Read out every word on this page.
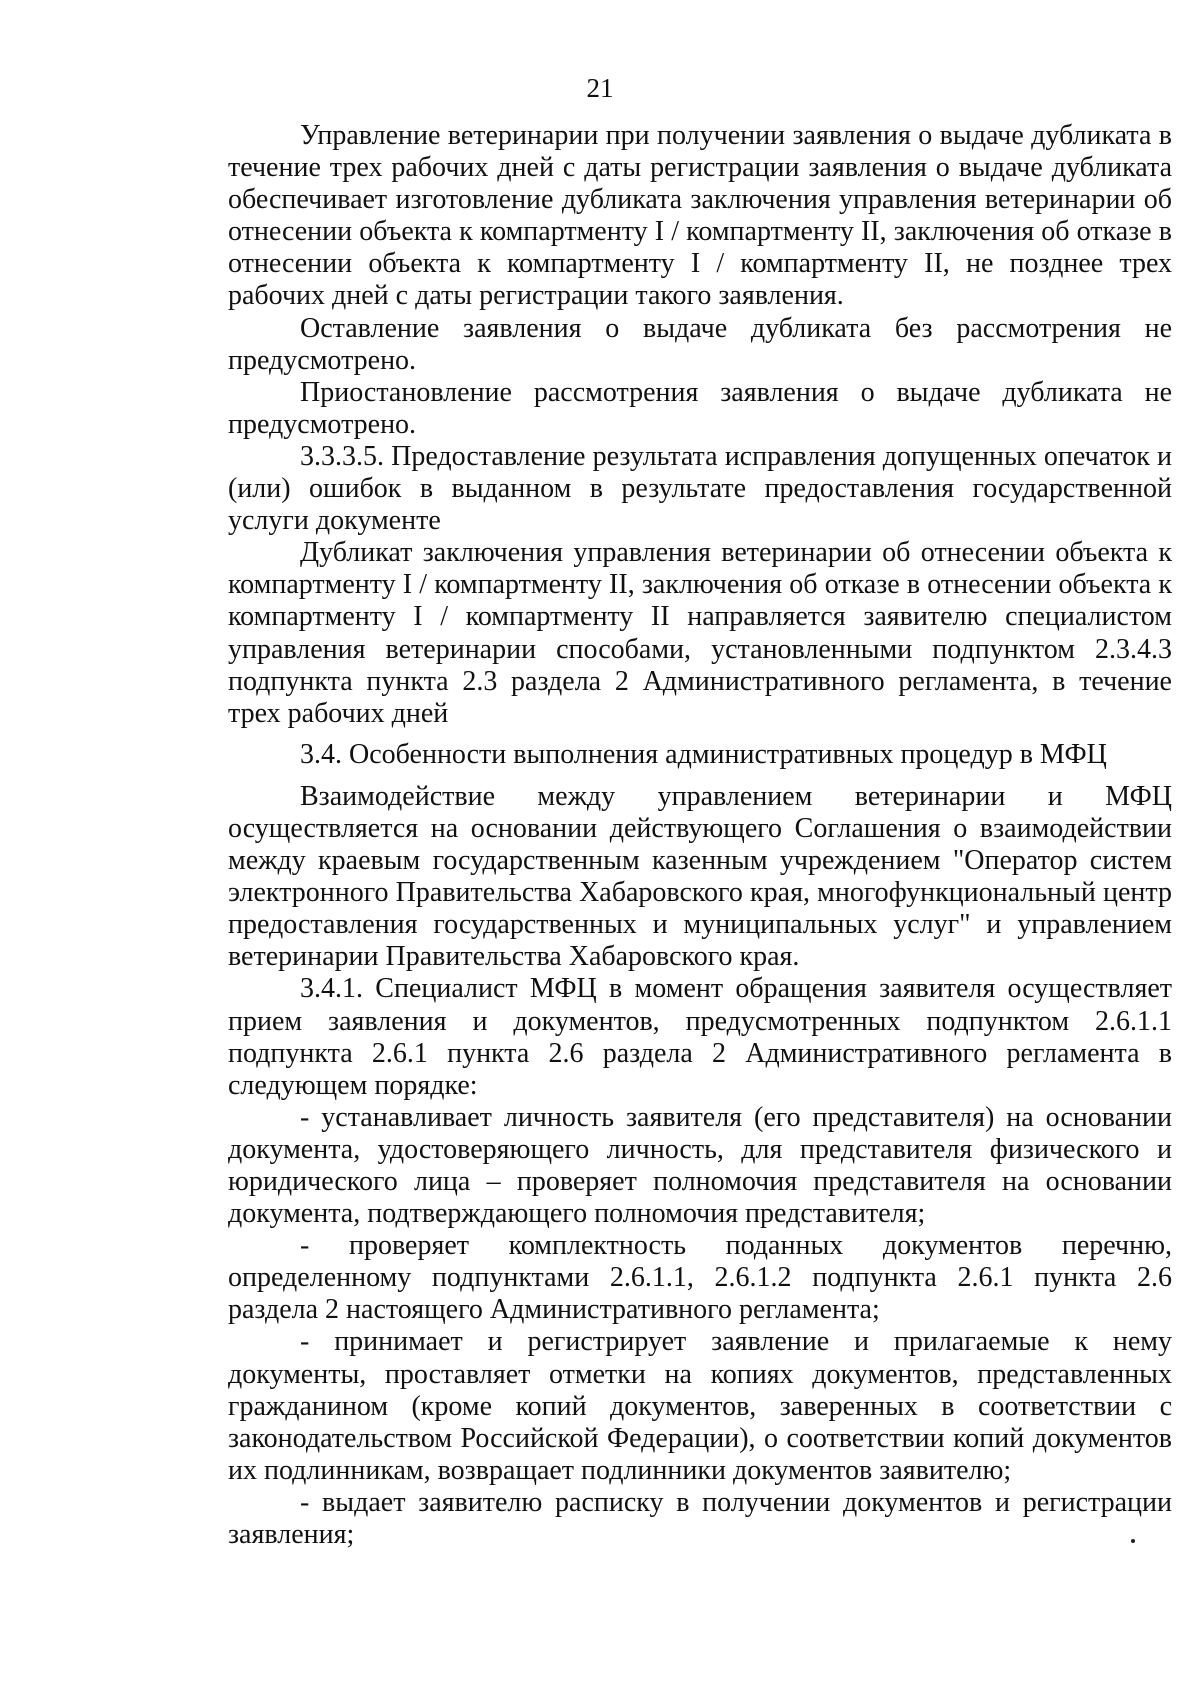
21

Управление ветеринарии при получении заявления о выдаче дубликата в течение трех рабочих дней с даты регистрации заявления о выдаче дубликата обеспечивает изготовление дубликата заключения управления ветеринарии об отнесении объекта к компартменту I / компартменту II, заключения об отказе в отнесении объекта к компартменту I / компартменту II, не позднее трех рабочих дней с даты регистрации такого заявления.

Оставление заявления о выдаче дубликата без рассмотрения не предусмотрено.

Приостановление рассмотрения заявления о выдаче дубликата не предусмотрено.

3.3.3.5. Предоставление результата исправления допущенных опечаток и (или) ошибок в выданном в результате предоставления государственной услуги документе

Дубликат заключения управления ветеринарии об отнесении объекта к компартменту I / компартменту II, заключения об отказе в отнесении объекта к компартменту I / компартменту II направляется заявителю специалистом управления ветеринарии способами, установленными подпунктом 2.3.4.3 подпункта пункта 2.3 раздела 2 Административного регламента, в течение трех рабочих дней

3.4. Особенности выполнения административных процедур в МФЦ

Взаимодействие между управлением ветеринарии и МФЦ осуществляется на основании действующего Соглашения о взаимодействии между краевым государственным казенным учреждением "Оператор систем электронного Правительства Хабаровского края, многофункциональный центр предоставления государственных и муниципальных услуг" и управлением ветеринарии Правительства Хабаровского края.

3.4.1. Специалист МФЦ в момент обращения заявителя осуществляет прием заявления и документов, предусмотренных подпунктом 2.6.1.1 подпункта 2.6.1 пункта 2.6 раздела 2 Административного регламента в следующем порядке:

- устанавливает личность заявителя (его представителя) на основании документа, удостоверяющего личность, для представителя физического и юридического лица – проверяет полномочия представителя на основании документа, подтверждающего полномочия представителя;

- проверяет комплектность поданных документов перечню, определенному подпунктами 2.6.1.1, 2.6.1.2 подпункта 2.6.1 пункта 2.6 раздела 2 настоящего Административного регламента;

- принимает и регистрирует заявление и прилагаемые к нему документы, проставляет отметки на копиях документов, представленных гражданином (кроме копий документов, заверенных в соответствии с законодательством Российской Федерации), о соответствии копий документов их подлинникам, возвращает подлинники документов заявителю;

- выдает заявителю расписку в получении документов и регистрации заявления;
